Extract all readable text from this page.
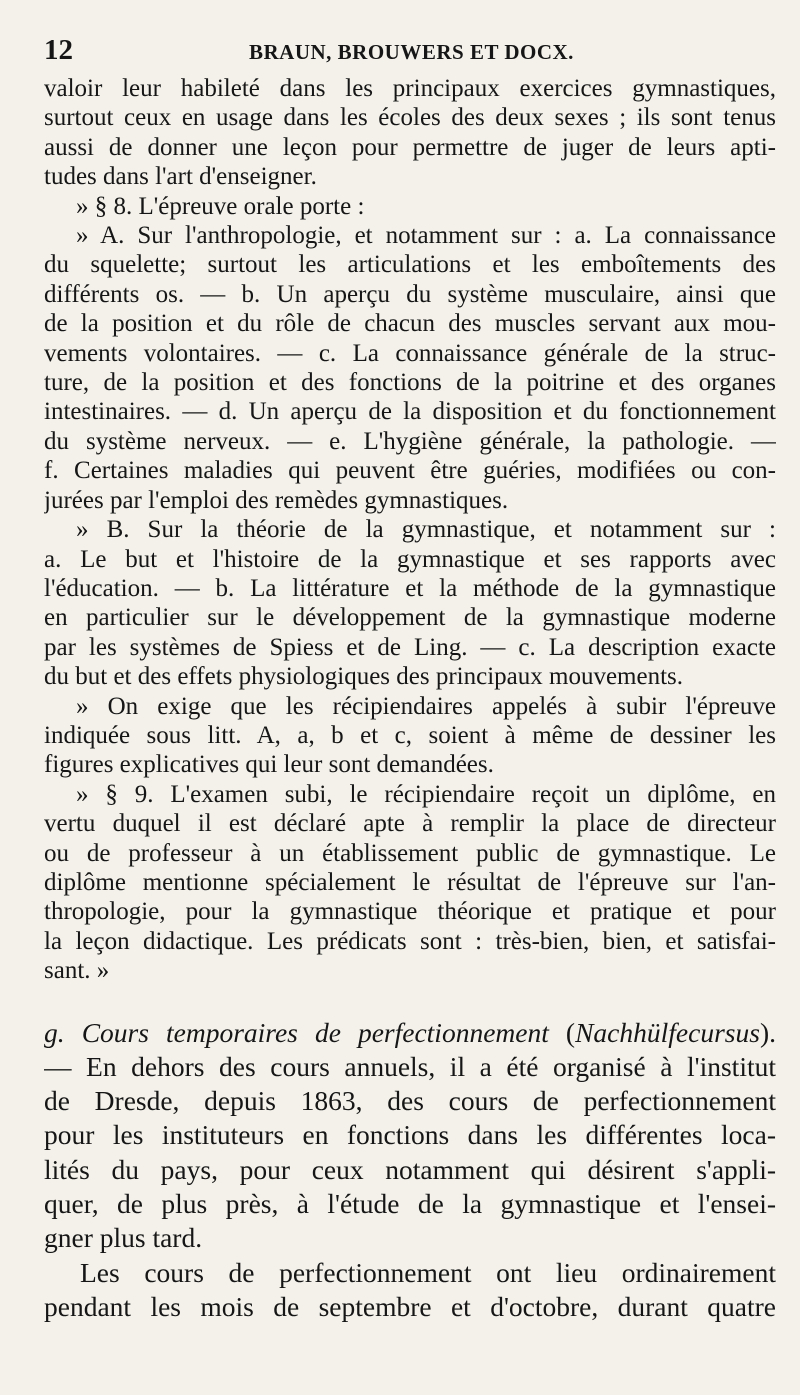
12	BRAUN, BROUWERS ET DOCX.
valoir leur habileté dans les principaux exercices gymnastiques,
surtout ceux en usage dans les écoles des deux sexes ; ils sont tenus
aussi de donner une leçon pour permettre de juger de leurs apti-
tudes dans l'art d'enseigner.
» § 8. L'épreuve orale porte :
» A. Sur l'anthropologie, et notamment sur : a. La connaissance
du squelette; surtout les articulations et les emboîtements des
différents os. — b. Un aperçu du système musculaire, ainsi que
de la position et du rôle de chacun des muscles servant aux mou-
vements volontaires. — c. La connaissance générale de la struc-
ture, de la position et des fonctions de la poitrine et des organes
intestinaires. — d. Un aperçu de la disposition et du fonctionnement
du système nerveux. — e. L'hygiène générale, la pathologie. —
f. Certaines maladies qui peuvent être guéries, modifiées ou con-
jurées par l'emploi des remèdes gymnastiques.
» B. Sur la théorie de la gymnastique, et notamment sur :
a. Le but et l'histoire de la gymnastique et ses rapports avec
l'éducation. — b. La littérature et la méthode de la gymnastique
en particulier sur le développement de la gymnastique moderne
par les systèmes de Spiess et de Ling. — c. La description exacte
du but et des effets physiologiques des principaux mouvements.
» On exige que les récipiendaires appelés à subir l'épreuve
indiquée sous litt. A, a, b et c, soient à même de dessiner les
figures explicatives qui leur sont demandées.
» § 9. L'examen subi, le récipiendaire reçoit un diplôme, en
vertu duquel il est déclaré apte à remplir la place de directeur
ou de professeur à un établissement public de gymnastique. Le
diplôme mentionne spécialement le résultat de l'épreuve sur l'an-
thropologie, pour la gymnastique théorique et pratique et pour
la leçon didactique. Les prédicats sont : très-bien, bien, et satisfai-
sant. »
g. Cours temporaires de perfectionnement (Nachhülfecursus).
— En dehors des cours annuels, il a été organisé à l'institut
de Dresde, depuis 1863, des cours de perfectionnement
pour les instituteurs en fonctions dans les différentes loca-
lités du pays, pour ceux notamment qui désirent s'appli-
quer, de plus près, à l'étude de la gymnastique et l'ensei-
gner plus tard.
Les cours de perfectionnement ont lieu ordinairement
pendant les mois de septembre et d'octobre, durant quatre
